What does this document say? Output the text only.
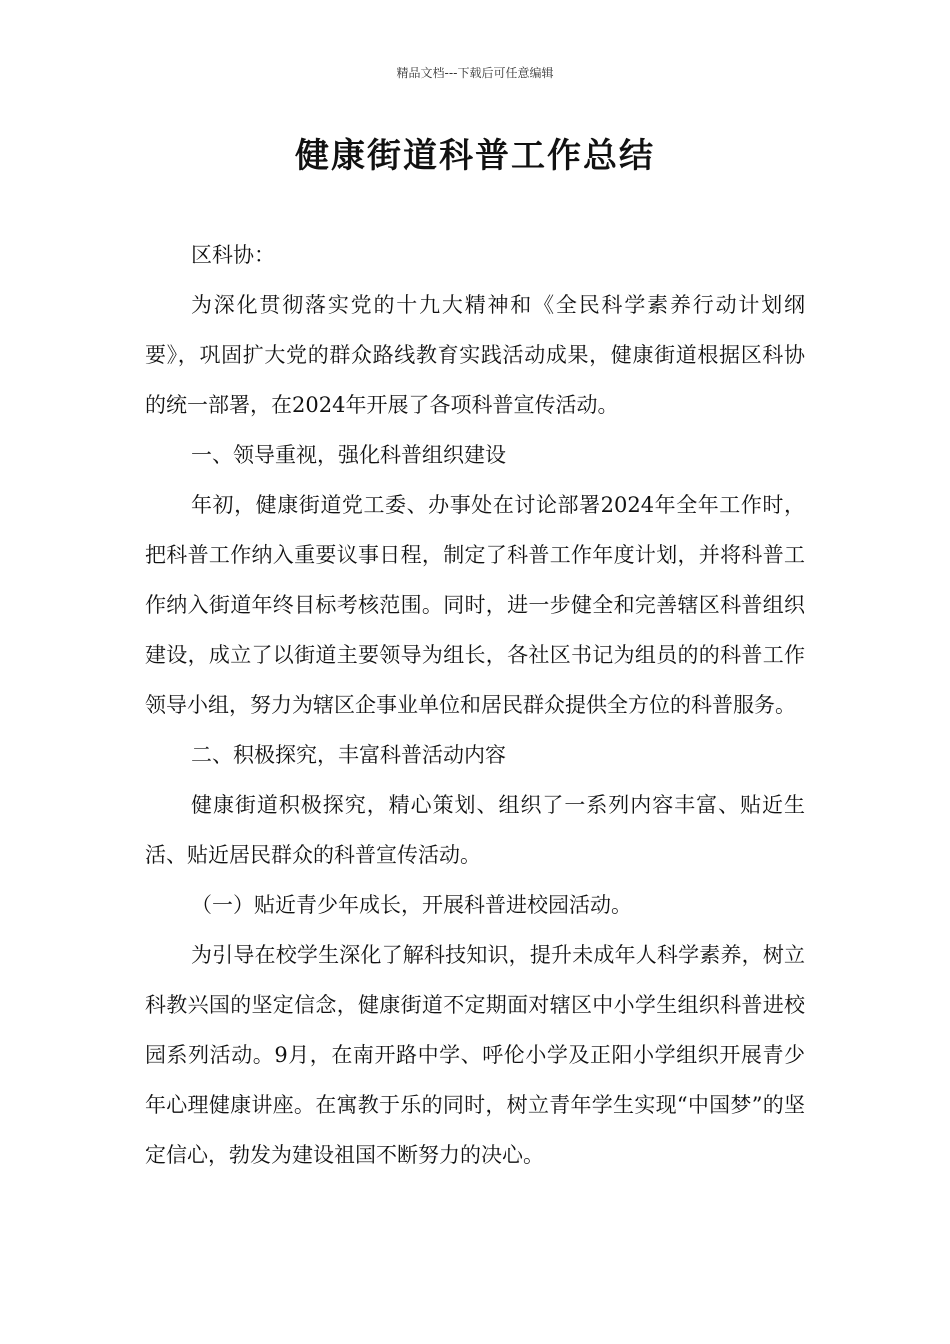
精品文档---下载后可任意编辑
健康街道科普工作总结

区科协：

为深化贯彻落实党的十九大精神和《全民科学素养行动计划纲要》，巩固扩大党的群众路线教育实践活动成果，健康街道根据区科协的统一部署，在2024年开展了各项科普宣传活动。

一、领导重视，强化科普组织建设

年初，健康街道党工委、办事处在讨论部署2024年全年工作时，把科普工作纳入重要议事日程，制定了科普工作年度计划，并将科普工作纳入街道年终目标考核范围。同时，进一步健全和完善辖区科普组织建设，成立了以街道主要领导为组长，各社区书记为组员的的科普工作领导小组，努力为辖区企事业单位和居民群众提供全方位的科普服务。

二、积极探究，丰富科普活动内容

健康街道积极探究，精心策划、组织了一系列内容丰富、贴近生活、贴近居民群众的科普宣传活动。

（一）贴近青少年成长，开展科普进校园活动。

为引导在校学生深化了解科技知识，提升未成年人科学素养，树立科教兴国的坚定信念，健康街道不定期面对辖区中小学生组织科普进校园系列活动。9月，在南开路中学、呼伦小学及正阳小学组织开展青少年心理健康讲座。在寓教于乐的同时，树立青年学生实现“中国梦”的坚定信心，勃发为建设祖国不断努力的决心。
